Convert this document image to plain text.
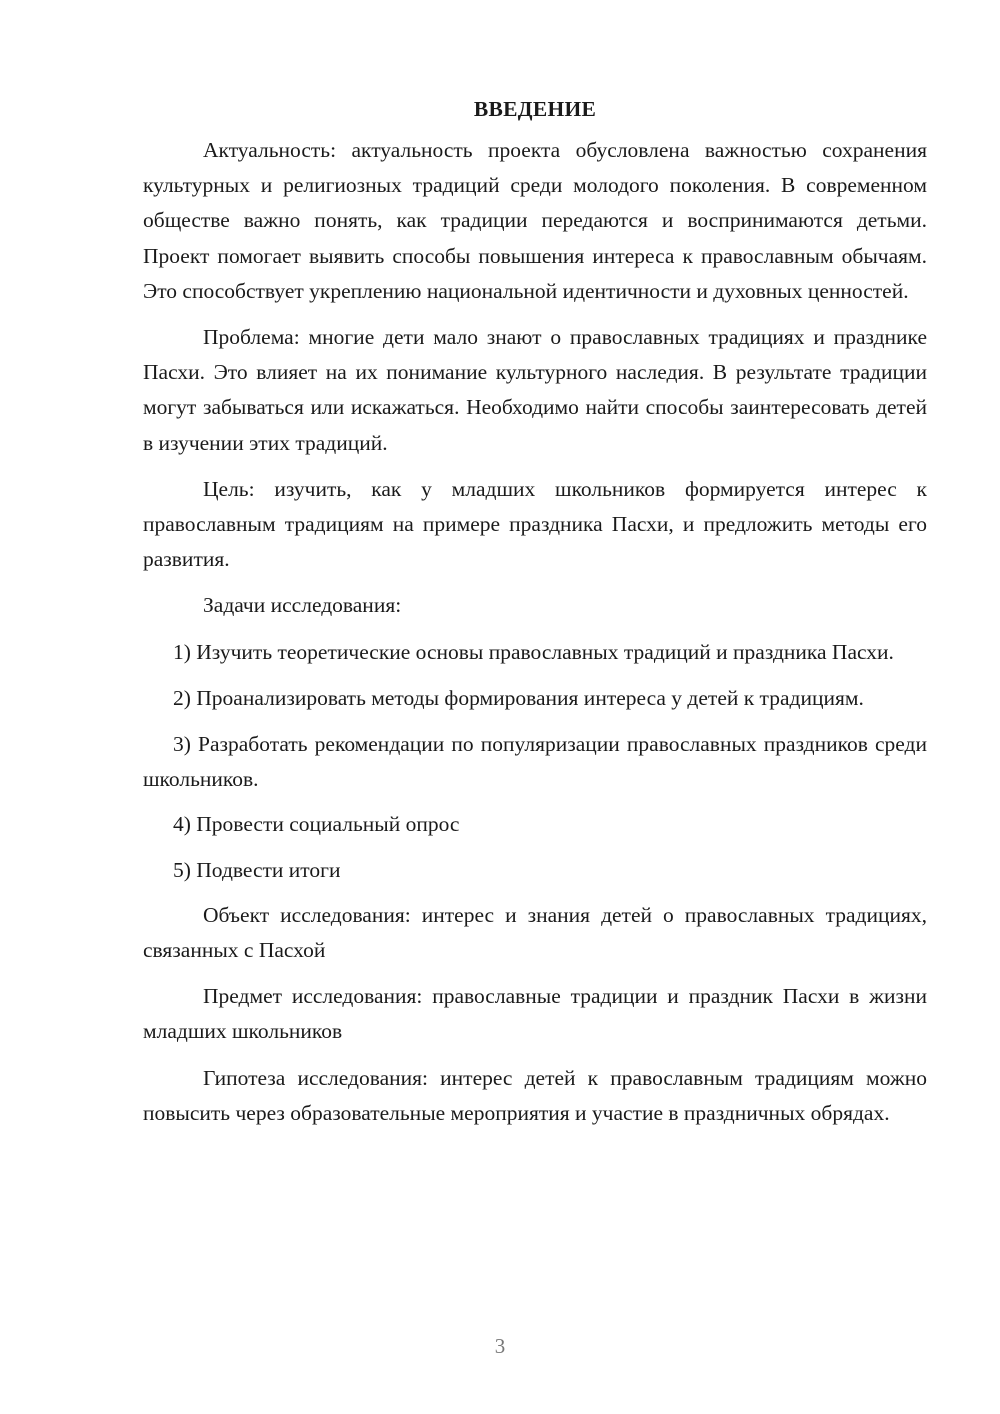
ВВЕДЕНИЕ

Актуальность: актуальность проекта обусловлена важностью сохранения культурных и религиозных традиций среди молодого поколения. В современном обществе важно понять, как традиции передаются и воспринимаются детьми. Проект помогает выявить способы повышения интереса к православным обычаям. Это способствует укреплению национальной идентичности и духовных ценностей.

Проблема: многие дети мало знают о православных традициях и празднике Пасхи. Это влияет на их понимание культурного наследия. В результате традиции могут забываться или искажаться. Необходимо найти способы заинтересовать детей в изучении этих традиций.

Цель: изучить, как у младших школьников формируется интерес к православным традициям на примере праздника Пасхи, и предложить методы его развития.

Задачи исследования:

1) Изучить теоретические основы православных традиций и праздника Пасхи.

2) Проанализировать методы формирования интереса у детей к традициям.

3) Разработать рекомендации по популяризации православных праздников среди школьников.

4) Провести социальный опрос

5) Подвести итоги

Объект исследования: интерес и знания детей о православных традициях, связанных с Пасхой

Предмет исследования: православные традиции и праздник Пасхи в жизни младших школьников

Гипотеза исследования: интерес детей к православным традициям можно повысить через образовательные мероприятия и участие в праздничных обрядах.

3
